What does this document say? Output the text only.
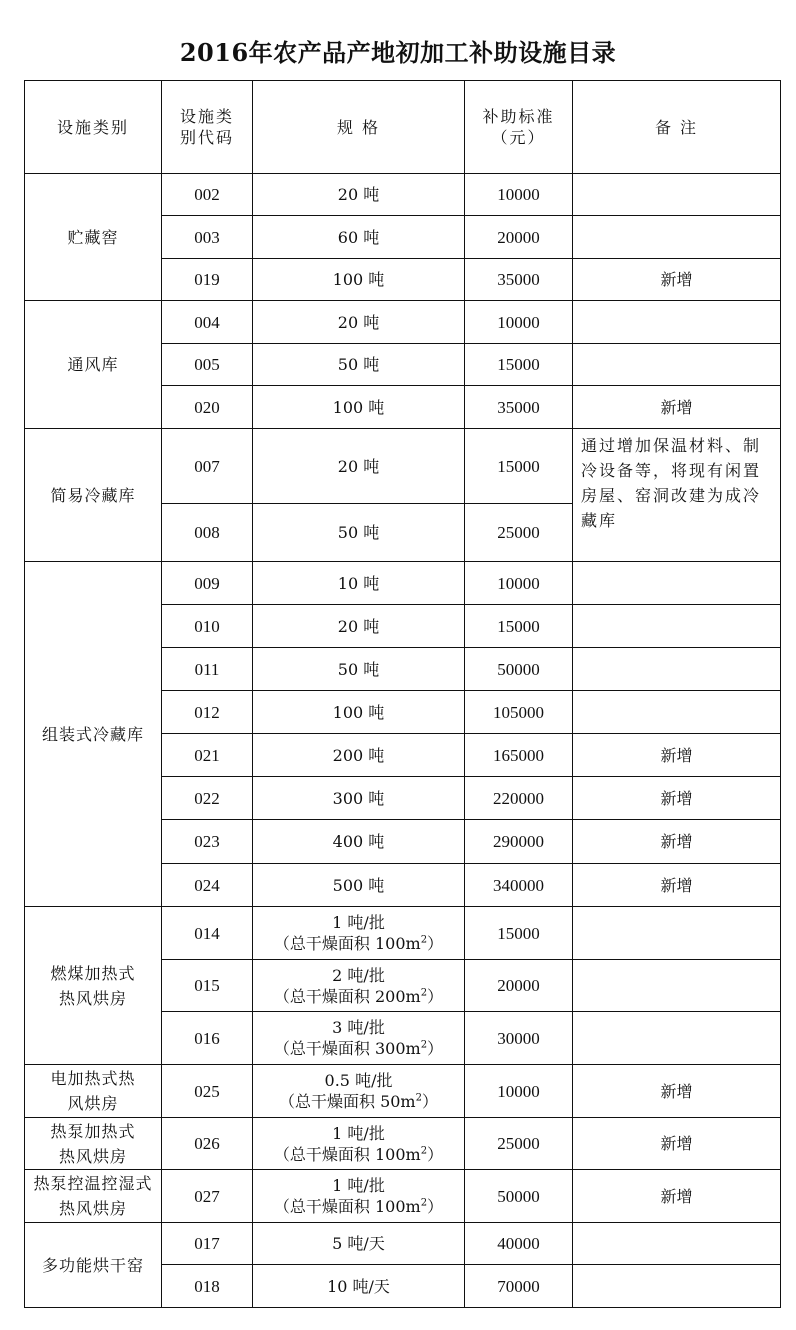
2016年农产品产地初加工补助设施目录
设施类别	设施类别代码	规 格	补助标准（元）	备 注
贮藏窖	002	20 吨	10000	
	003	60 吨	20000	
	019	100 吨	35000	新增
通风库	004	20 吨	10000	
	005	50 吨	15000	
	020	100 吨	35000	新增
简易冷藏库	007	20 吨	15000	通过增加保温材料、制冷设备等，将现有闲置房屋、窑洞改建为成冷藏库
	008	50 吨	25000	
组装式冷藏库	009	10 吨	10000	
	010	20 吨	15000	
	011	50 吨	50000	
	012	100 吨	105000	
	021	200 吨	165000	新增
	022	300 吨	220000	新增
	023	400 吨	290000	新增
	024	500 吨	340000	新增

燃煤加热式热风烘房	014	1 吨/批
（总干燥面积 $100m^2$）	15000	
	015	2 吨/批
（总干燥面积 $200m^2$）	20000	
	016	3 吨/批
（总干燥面积 $300m^2$）	30000	

电加热式热风烘房	025	0.5 吨/批
（总干燥面积 $50m^2$）	10000	新增

热泵加热式热风烘房	026	1 吨/批
（总干燥面积 $100m^2$）	25000	新增

热泵控温控湿式热风烘房	027	1 吨/批
（总干燥面积 $100m^2$）	50000	新增
多功能烘干窑	017	5 吨/天	40000	
	018	10 吨/天	70000	
